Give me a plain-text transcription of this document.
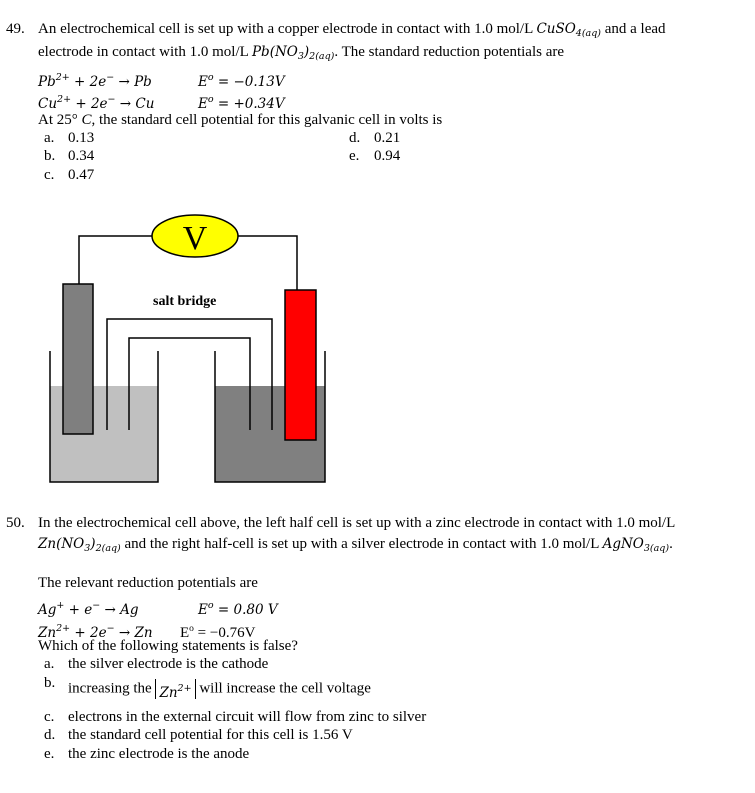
49. An electrochemical cell is set up with a copper electrode in contact with 1.0 mol/L CuSO$_{4(aq)}$ and a lead
electrode in contact with 1.0 mol/L $Pb(NO_3)_{2(aq)}$. The standard reduction potentials are
$Pb^{2+} + 2e^- \to Pb$	$E^o = -0.13V$
$Cu^{2+} + 2e^- \to Cu$	$E^o = +0.34V$
At 25° C, the standard cell potential for this galvanic cell in volts is
a. 0.13
b. 0.34
c. 0.47
d. 0.21
e. 0.94
V
salt bridge
50. In the electrochemical cell above, the left half cell is set up with a zinc electrode in contact with 1.0 mol/L
$Zn(NO_3)_{2(aq)}$ and the right half-cell is set up with a silver electrode in contact with 1.0 mol/L AgNO$_{3(aq)}$.
The relevant reduction potentials are
Ag+ + e− → Ag	$E^o = 0.80$ V
$Zn^{2+} + 2e^- \to Zn$ $E^o = -0.76V$
Which of the following statements is false?
a. the silver electrode is the cathode
b. increasing the $Zn^{2+}$ will increase the cell voltage
c. electrons in the external circuit will flow from zinc to silver
d. the standard cell potential for this cell is 1.56 V
e. the zinc electrode is the anode
